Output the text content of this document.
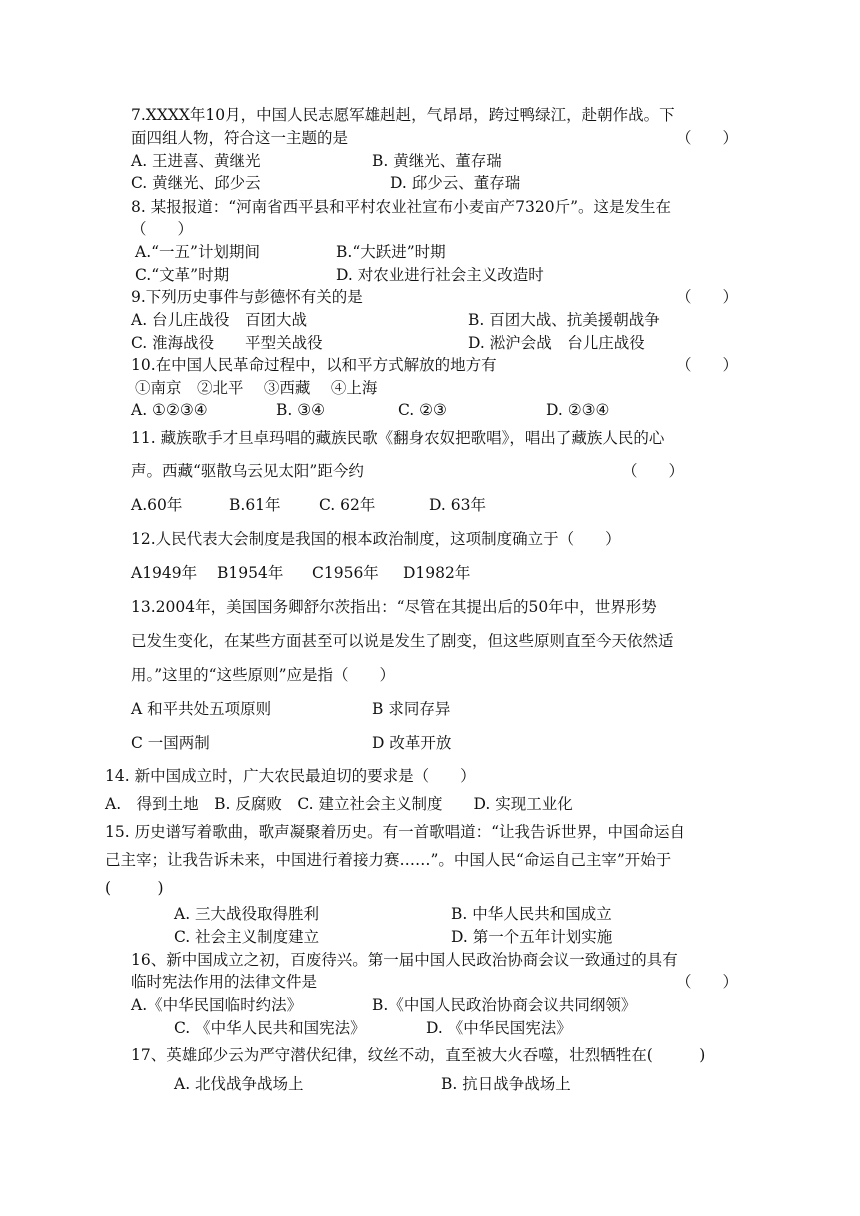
7.XXXX年10月，中国人民志愿军雄赳赳，气昂昂，跨过鸭绿江，赴朝作战。下
面四组人物，符合这一主题的是
A. 王进喜、黄继光	B. 黄继光、董存瑞
C. 黄继光、邱少云	D. 邱少云、董存瑞
8. 某报报道：“河南省西平县和平村农业社宣布小麦亩产7320斤”。这是发生在
（　　）
A.“一五”计划期间	B.“大跃进”时期
C.“文革”时期	D. 对农业进行社会主义改造时
9.下列历史事件与彭德怀有关的是
A. 台儿庄战役　百团大战	B. 百团大战、抗美援朝战争
C. 淮海战役　　平型关战役	D. 淞沪会战　台儿庄战役
10.在中国人民革命过程中，以和平方式解放的地方有
①南京　②北平　 ③西藏　 ④上海
A. ①②③④	B. ③④	C. ②③	D. ②③④
11. 藏族歌手才旦卓玛唱的藏族民歌《翻身农奴把歌唱》，唱出了藏族人民的心
声。西藏“驱散乌云见太阳”距今约
A.60年	B.61年 C. 62年	D. 63年
12.人民代表大会制度是我国的根本政治制度，这项制度确立于（　　）
A1949年 B1954年 C1956年 D1982年
13.2004年，美国国务卿舒尔茨指出：“尽管在其提出后的50年中，世界形势
已发生变化，在某些方面甚至可以说是发生了剧变，但这些原则直至今天依然适
用。”这里的“这些原则”应是指（　　）
A 和平共处五项原则	B 求同存异
C 一国两制	D 改革开放
14. 新中国成立时，广大农民最迫切的要求是（　　）
A.　得到土地　B. 反腐败　C. 建立社会主义制度　　D. 实现工业化
15. 历史谱写着歌曲，歌声凝聚着历史。有一首歌唱道：“让我告诉世界，中国命运自
己主宰；让我告诉未来，中国进行着接力赛……”。中国人民“命运自己主宰”开始于
(　　　)
A. 三大战役取得胜利	B. 中华人民共和国成立
C. 社会主义制度建立	D. 第一个五年计划实施
16、新中国成立之初，百废待兴。第一届中国人民政治协商会议一致通过的具有
临时宪法作用的法律文件是
A.《中华民国临时约法》	B.《中国人民政治协商会议共同纲领》
C. 《中华人民共和国宪法》	D. 《中华民国宪法》
17、英雄邱少云为严守潜伏纪律，纹丝不动，直至被大火吞噬，壮烈牺牲在(　　　)
A. 北伐战争战场上	B. 抗日战争战场上
（　　）
（　　）
（　　）
（　　）
（　　）
